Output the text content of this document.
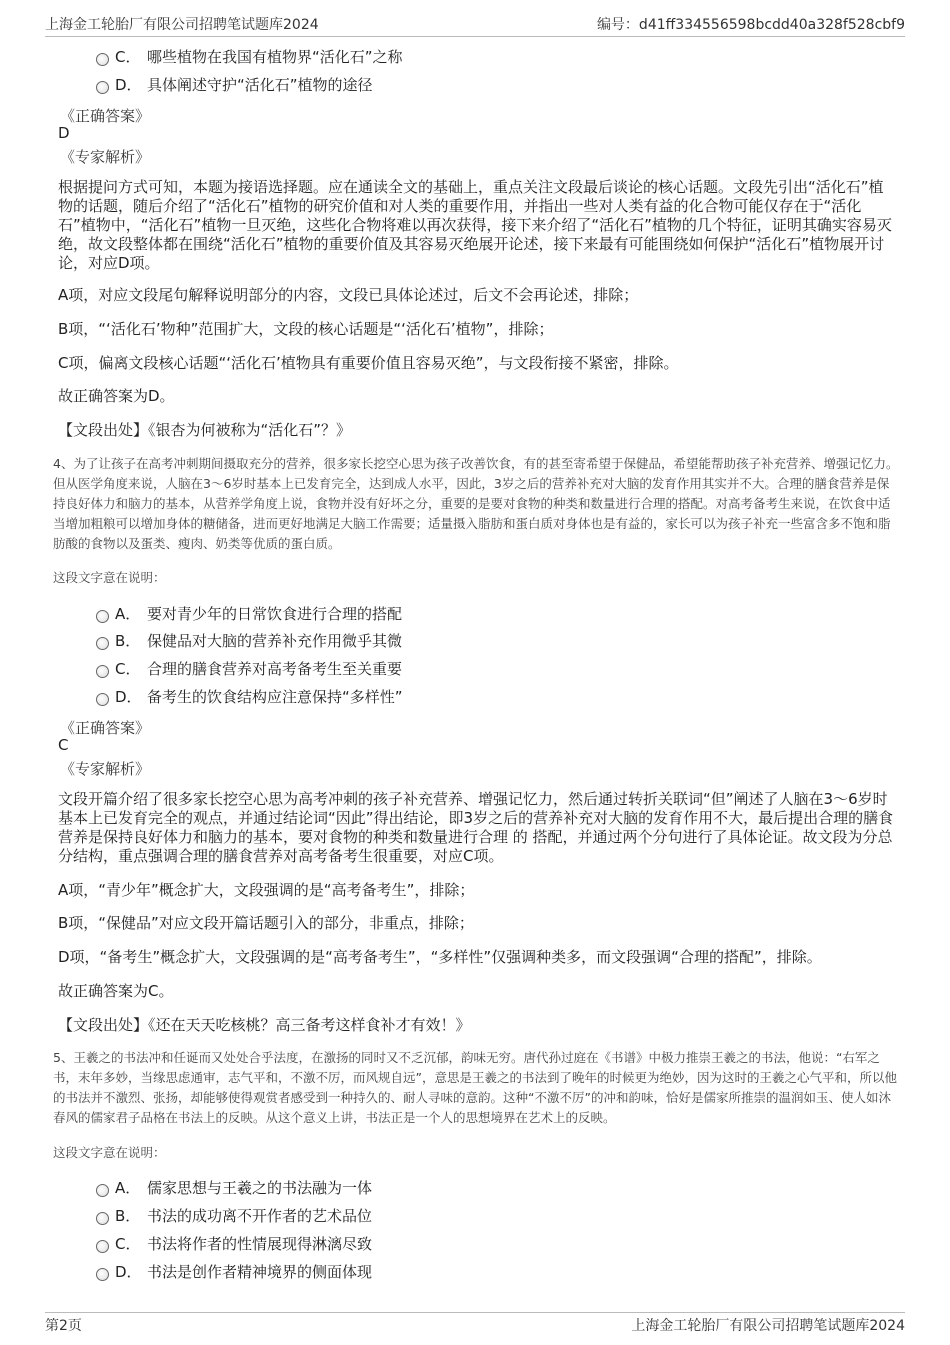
上海金工轮胎厂有限公司招聘笔试题库2024	编号：d41ff334556598bcdd40a328f528cbf9
C． 哪些植物在我国有植物界“活化石”之称
D． 具体阐述守护“活化石”植物的途径
《正确答案》
D
《专家解析》
根据提问方式可知，本题为接语选择题。应在通读全文的基础上，重点关注文段最后谈论的核心话题。文段先引出“活化石”植物的话题，随后介绍了“活化石”植物的研究价值和对人类的重要作用，并指出一些对人类有益的化合物可能仅存在于“活化石”植物中，“活化石”植物一旦灭绝，这些化合物将难以再次获得，接下来介绍了“活化石”植物的几个特征，证明其确实容易灭绝，故文段整体都在围绕“活化石”植物的重要价值及其容易灭绝展开论述，接下来最有可能围绕如何保护“活化石”植物展开讨论，对应D项。
A项，对应文段尾句解释说明部分的内容，文段已具体论述过，后文不会再论述，排除；
B项，“‘活化石’物种”范围扩大，文段的核心话题是“‘活化石’植物”，排除；
C项，偏离文段核心话题“‘活化石’植物具有重要价值且容易灭绝”，与文段衔接不紧密，排除。
故正确答案为D。
【文段出处】《银杏为何被称为“活化石”？》
4、为了让孩子在高考冲刺期间摄取充分的营养，很多家长挖空心思为孩子改善饮食，有的甚至寄希望于保健品，希望能帮助孩子补充营养、增强记忆力。但从医学角度来说，人脑在3～6岁时基本上已发育完全，达到成人水平，因此，3岁之后的营养补充对大脑的发育作用其实并不大。合理的膳食营养是保持良好体力和脑力的基本，从营养学角度上说，食物并没有好坏之分，重要的是要对食物的种类和数量进行合理的搭配。对高考备考生来说，在饮食中适当增加粗粮可以增加身体的糖储备，进而更好地满足大脑工作需要；适量摄入脂肪和蛋白质对身体也是有益的，家长可以为孩子补充一些富含多不饱和脂肪酸的食物以及蛋类、瘦肉、奶类等优质的蛋白质。
这段文字意在说明：
A． 要对青少年的日常饮食进行合理的搭配
B． 保健品对大脑的营养补充作用微乎其微
C． 合理的膳食营养对高考备考生至关重要
D． 备考生的饮食结构应注意保持“多样性”
《正确答案》
C
《专家解析》
文段开篇介绍了很多家长挖空心思为高考冲刺的孩子补充营养、增强记忆力，然后通过转折关联词“但”阐述了人脑在3～6岁时基本上已发育完全的观点，并通过结论词“因此”得出结论，即3岁之后的营养补充对大脑的发育作用不大，最后提出合理的膳食营养是保持良好体力和脑力的基本，要对食物的种类和数量进行合理 的 搭配，并通过两个分句进行了具体论证。故文段为分总分结构，重点强调合理的膳食营养对高考备考生很重要，对应C项。
A项，“青少年”概念扩大，文段强调的是“高考备考生”，排除；
B项，“保健品”对应文段开篇话题引入的部分，非重点，排除；
D项，“备考生”概念扩大，文段强调的是“高考备考生”，“多样性”仅强调种类多，而文段强调“合理的搭配”，排除。
故正确答案为C。
【文段出处】《还在天天吃核桃？高三备考这样食补才有效！》
5、王羲之的书法冲和任诞而又处处合乎法度，在激扬的同时又不乏沉郁，韵味无穷。唐代孙过庭在《书谱》中极力推崇王羲之的书法，他说：“右军之书，末年多妙，当缘思虑通审，志气平和，不激不厉，而风规自远”，意思是王羲之的书法到了晚年的时候更为绝妙，因为这时的王羲之心气平和，所以他的书法并不激烈、张扬，却能够使得观赏者感受到一种持久的、耐人寻味的意韵。这种“不激不厉”的冲和韵味，恰好是儒家所推崇的温润如玉、使人如沐春风的儒家君子品格在书法上的反映。从这个意义上讲，书法正是一个人的思想境界在艺术上的反映。
这段文字意在说明：
A． 儒家思想与王羲之的书法融为一体
B． 书法的成功离不开作者的艺术品位
C． 书法将作者的性情展现得淋漓尽致
D． 书法是创作者精神境界的侧面体现
第2页	上海金工轮胎厂有限公司招聘笔试题库2024
